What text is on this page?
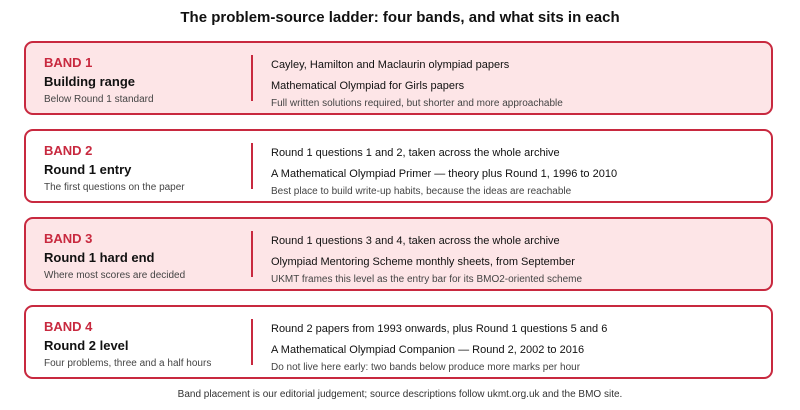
The problem-source ladder: four bands, and what sits in each
BAND 1
Building range
Below Round 1 standard
Cayley, Hamilton and Maclaurin olympiad papers
Mathematical Olympiad for Girls papers
Full written solutions required, but shorter and more approachable
BAND 2
Round 1 entry
The first questions on the paper
Round 1 questions 1 and 2, taken across the whole archive
A Mathematical Olympiad Primer — theory plus Round 1, 1996 to 2010
Best place to build write-up habits, because the ideas are reachable
BAND 3
Round 1 hard end
Where most scores are decided
Round 1 questions 3 and 4, taken across the whole archive
Olympiad Mentoring Scheme monthly sheets, from September
UKMT frames this level as the entry bar for its BMO2-oriented scheme
BAND 4
Round 2 level
Four problems, three and a half hours
Round 2 papers from 1993 onwards, plus Round 1 questions 5 and 6
A Mathematical Olympiad Companion — Round 2, 2002 to 2016
Do not live here early: two bands below produce more marks per hour
Band placement is our editorial judgement; source descriptions follow ukmt.org.uk and the BMO site.
